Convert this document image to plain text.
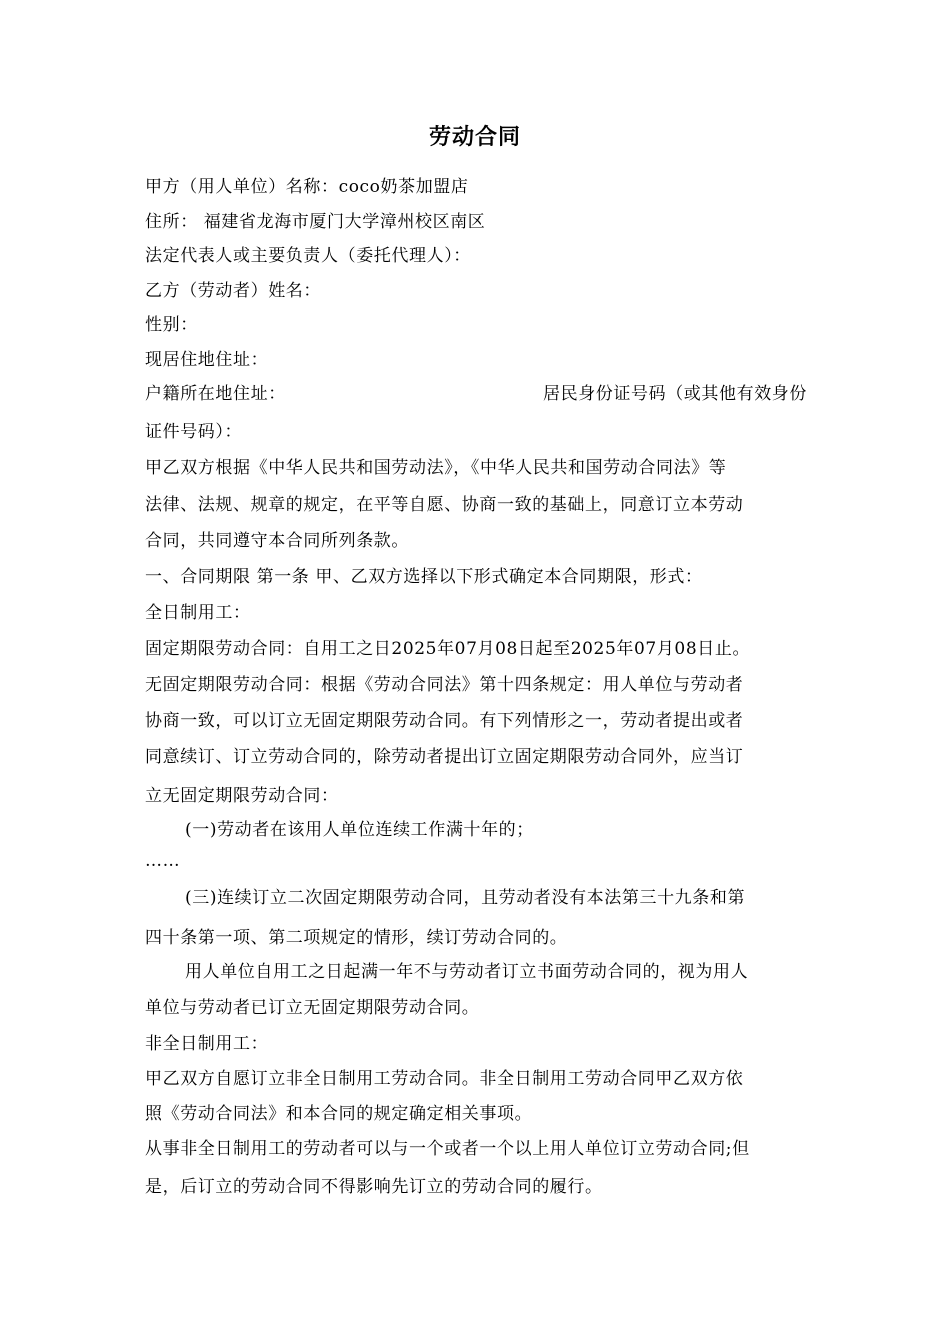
劳动合同
甲方（用人单位）名称：coco奶茶加盟店
住所： 福建省龙海市厦门大学漳州校区南区
法定代表人或主要负责人（委托代理人）：
乙方（劳动者）姓名：
性别：
现居住地住址：
户籍所在地住址：	居民身份证号码（或其他有效身份
证件号码）：
甲乙双方根据《中华人民共和国劳动法》，《中华人民共和国劳动合同法》等
法律、法规、规章的规定，在平等自愿、协商一致的基础上，同意订立本劳动
合同，共同遵守本合同所列条款。
一、合同期限 第一条 甲、乙双方选择以下形式确定本合同期限，形式：
全日制用工：
固定期限劳动合同：自用工之日2025年07月08日起至2025年07月08日止。
无固定期限劳动合同：根据《劳动合同法》第十四条规定：用人单位与劳动者
协商一致，可以订立无固定期限劳动合同。有下列情形之一，劳动者提出或者
同意续订、订立劳动合同的，除劳动者提出订立固定期限劳动合同外，应当订
立无固定期限劳动合同：
(一)劳动者在该用人单位连续工作满十年的；
……
(三)连续订立二次固定期限劳动合同，且劳动者没有本法第三十九条和第
四十条第一项、第二项规定的情形，续订劳动合同的。
用人单位自用工之日起满一年不与劳动者订立书面劳动合同的，视为用人
单位与劳动者已订立无固定期限劳动合同。
非全日制用工：
甲乙双方自愿订立非全日制用工劳动合同。非全日制用工劳动合同甲乙双方依
照《劳动合同法》和本合同的规定确定相关事项。
从事非全日制用工的劳动者可以与一个或者一个以上用人单位订立劳动合同;但
是，后订立的劳动合同不得影响先订立的劳动合同的履行。
